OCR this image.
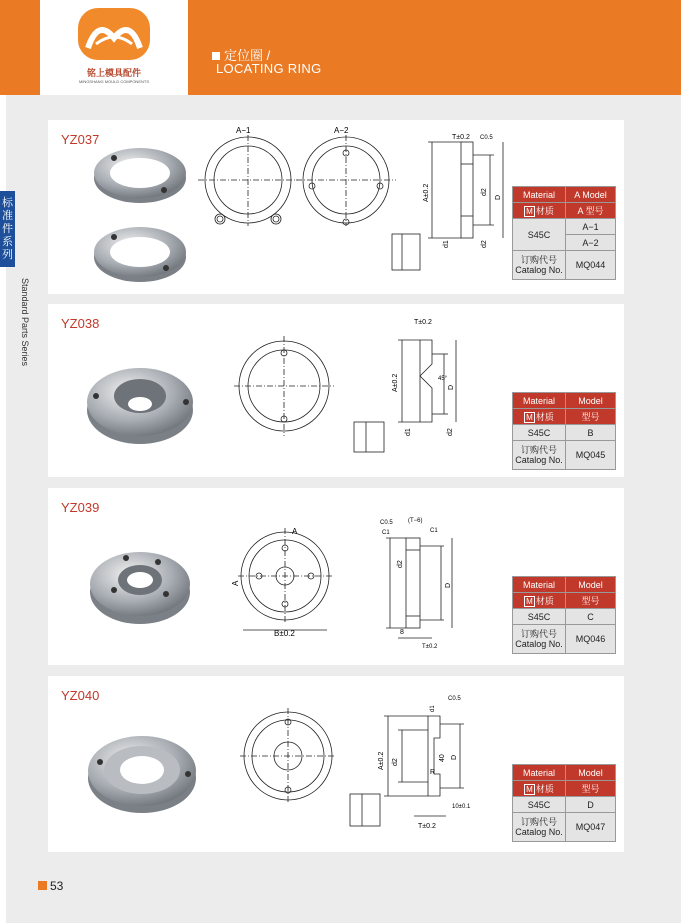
铭上模具配件
MINGSHANG MOULD COMPONENTS
定位圈 /
LOCATING RING
标
准
件
系
列
Standard Parts Series
YZ037
A−1	A−2
T±0.2 C0.5
A±0.2	d2
D
d1	d2
Material	A Model
M 材质	A 型号
S45C	A−1
	A−2
订购代号
Catalog No.	MQ044
YZ038	T±0.2
A±0.2	D
d1	d2
45°
Material	Model
M 材质	型号
S45C	B
订购代号
Catalog No.	MQ045
YZ039
A
A
B±0.2
C0.5
C1
(T−6)
C1
d2
D
8
T±0.2
Material	Model
M 材质	型号
S45C	C
订购代号
Catalog No.	MQ046
YZ040	C0.5
d1
A±0.2 d2
D
40
R
10±0.1
T±0.2
Material	Model
M 材质	型号
S45C	D
订购代号
Catalog No.	MQ047
53
